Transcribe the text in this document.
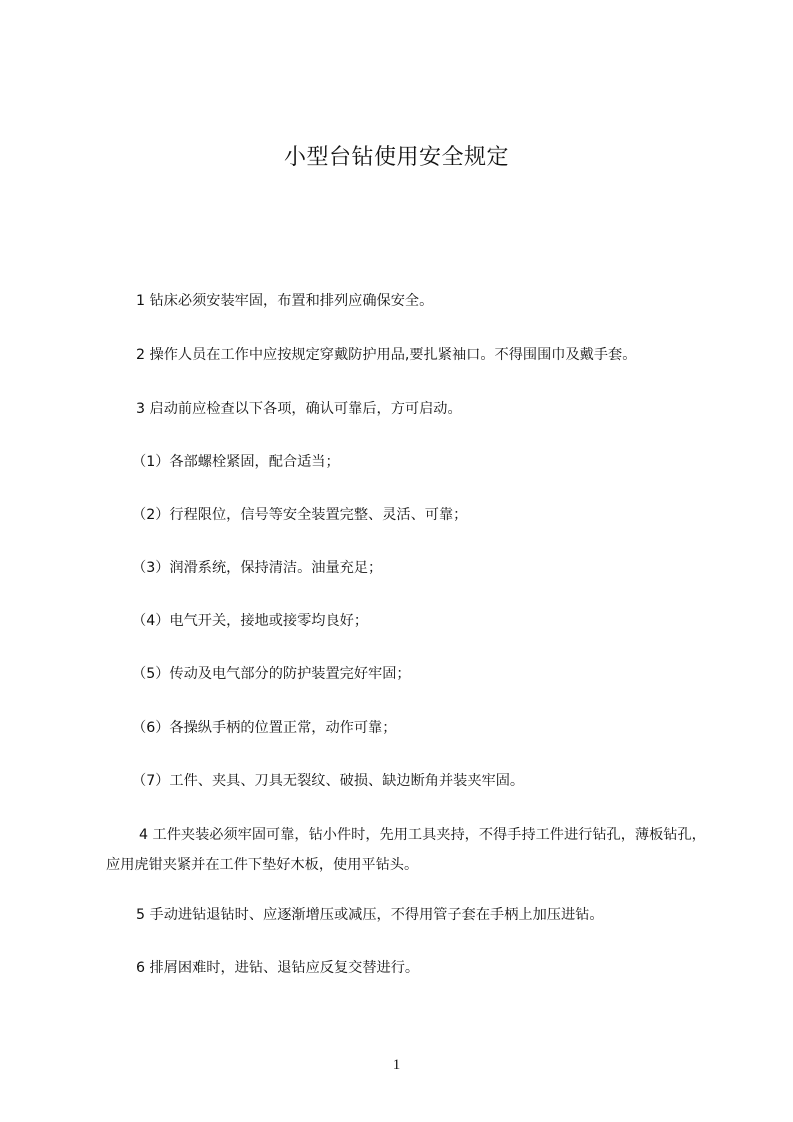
小型台钻使用安全规定
1 钻床必须安装牢固，布置和排列应确保安全。
2 操作人员在工作中应按规定穿戴防护用品,要扎紧袖口。不得围围巾及戴手套。
3 启动前应检查以下各项，确认可靠后，方可启动。
（1）各部螺栓紧固，配合适当；
（2）行程限位，信号等安全装置完整、灵活、可靠；
（3）润滑系统，保持清洁。油量充足；
（4）电气开关，接地或接零均良好；
（5）传动及电气部分的防护装置完好牢固；
（6）各操纵手柄的位置正常，动作可靠；
（7）工件、夹具、刀具无裂纹、破损、缺边断角并装夹牢固。
4 工件夹装必须牢固可靠，钻小件时，先用工具夹持，不得手持工件进行钻孔，薄板钻孔，应用虎钳夹紧并在工件下垫好木板，使用平钻头。
5 手动进钻退钻时、应逐渐增压或减压，不得用管子套在手柄上加压进钻。
6 排屑困难时，进钻、退钻应反复交替进行。
1
